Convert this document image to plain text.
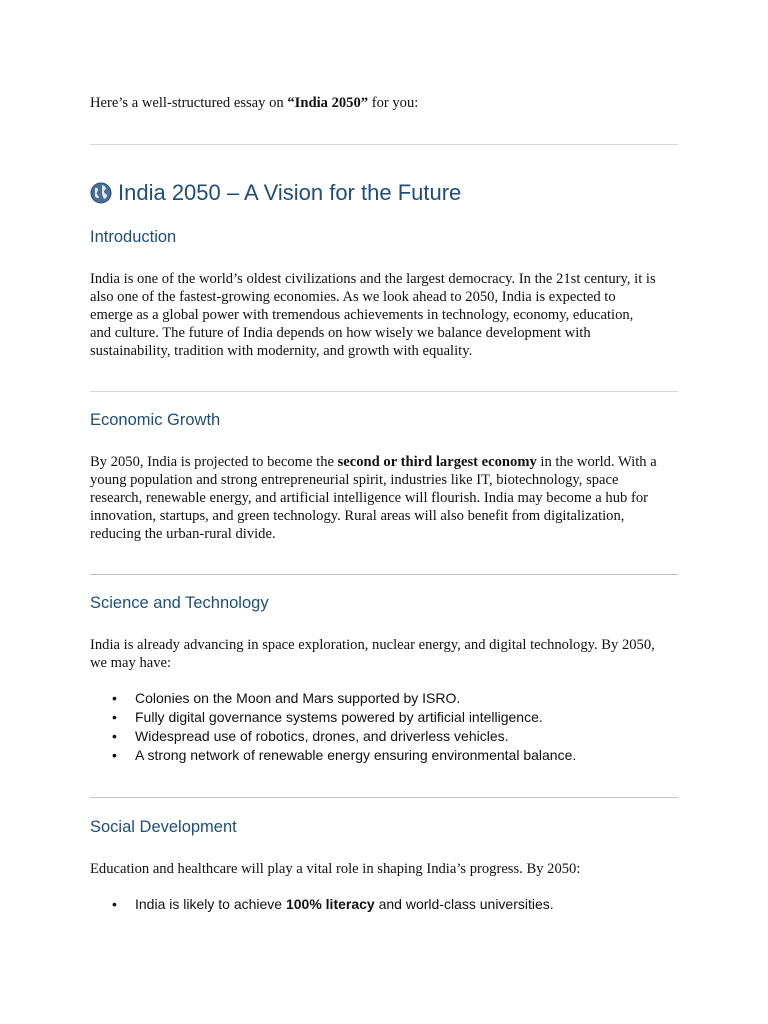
Here’s a well-structured essay on “India 2050” for you:

India 2050 – A Vision for the Future
Introduction

India is one of the world’s oldest civilizations and the largest democracy. In the 21st century, it is

also one of the fastest-growing economies. As we look ahead to 2050, India is expected to

emerge as a global power with tremendous achievements in technology, economy, education,

and culture. The future of India depends on how wisely we balance development with

sustainability, tradition with modernity, and growth with equality.

Economic Growth

By 2050, India is projected to become the second or third largest economy in the world. With a

young population and strong entrepreneurial spirit, industries like IT, biotechnology, space

research, renewable energy, and artificial intelligence will flourish. India may become a hub for

innovation, startups, and green technology. Rural areas will also benefit from digitalization,

reducing the urban-rural divide.

Science and Technology

India is already advancing in space exploration, nuclear energy, and digital technology. By 2050,

we may have:

• Colonies on the Moon and Mars supported by ISRO.
• Fully digital governance systems powered by artificial intelligence.
• Widespread use of robotics, drones, and driverless vehicles.
• A strong network of renewable energy ensuring environmental balance.
Social Development

Education and healthcare will play a vital role in shaping India’s progress. By 2050:

• India is likely to achieve 100% literacy and world-class universities.
